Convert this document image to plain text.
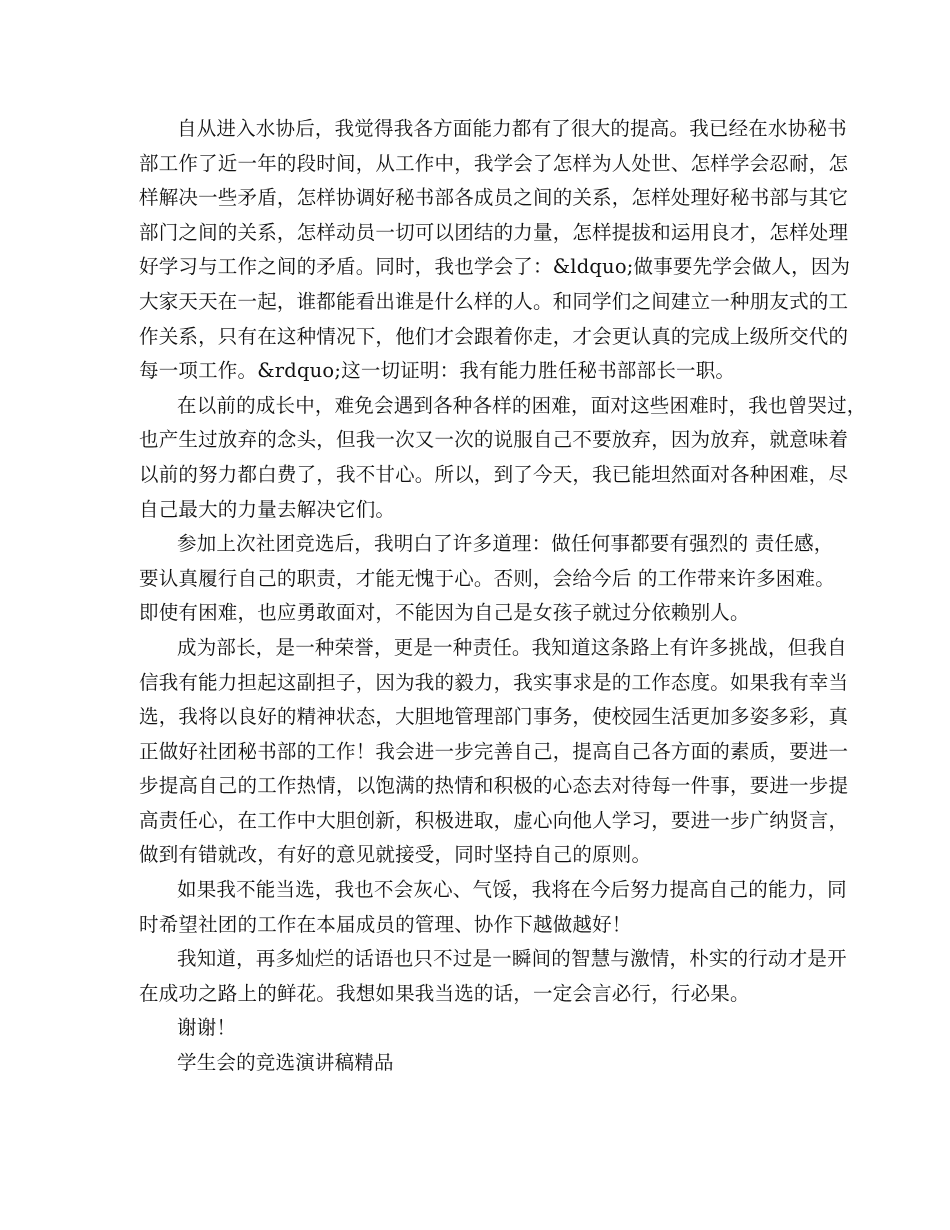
自从进入水协后，我觉得我各方面能力都有了很大的提高。我已经在水协秘书
部工作了近一年的段时间，从工作中，我学会了怎样为人处世、怎样学会忍耐，怎
样解决一些矛盾，怎样协调好秘书部各成员之间的关系，怎样处理好秘书部与其它
部门之间的关系，怎样动员一切可以团结的力量，怎样提拔和运用良才，怎样处理
好学习与工作之间的矛盾。同时，我也学会了：&ldquo;做事要先学会做人，因为
大家天天在一起，谁都能看出谁是什么样的人。和同学们之间建立一种朋友式的工
作关系，只有在这种情况下，他们才会跟着你走，才会更认真的完成上级所交代的
每一项工作。&rdquo;这一切证明：我有能力胜任秘书部部长一职。
在以前的成长中，难免会遇到各种各样的困难，面对这些困难时，我也曾哭过，
也产生过放弃的念头，但我一次又一次的说服自己不要放弃，因为放弃，就意味着
以前的努力都白费了，我不甘心。所以，到了今天，我已能坦然面对各种困难，尽
自己最大的力量去解决它们。
参加上次社团竞选后，我明白了许多道理：做任何事都要有强烈的 责任感，
要认真履行自己的职责，才能无愧于心。否则，会给今后 的工作带来许多困难。
即使有困难，也应勇敢面对，不能因为自己是女孩子就过分依赖别人。
成为部长，是一种荣誉，更是一种责任。我知道这条路上有许多挑战，但我自
信我有能力担起这副担子，因为我的毅力，我实事求是的工作态度。如果我有幸当
选，我将以良好的精神状态，大胆地管理部门事务，使校园生活更加多姿多彩，真
正做好社团秘书部的工作！我会进一步完善自己，提高自己各方面的素质，要进一
步提高自己的工作热情，以饱满的热情和积极的心态去对待每一件事，要进一步提
高责任心，在工作中大胆创新，积极进取，虚心向他人学习，要进一步广纳贤言，
做到有错就改，有好的意见就接受，同时坚持自己的原则。
如果我不能当选，我也不会灰心、气馁，我将在今后努力提高自己的能力，同
时希望社团的工作在本届成员的管理、协作下越做越好！
我知道，再多灿烂的话语也只不过是一瞬间的智慧与激情，朴实的行动才是开
在成功之路上的鲜花。我想如果我当选的话，一定会言必行，行必果。
谢谢！
学生会的竞选演讲稿精品
